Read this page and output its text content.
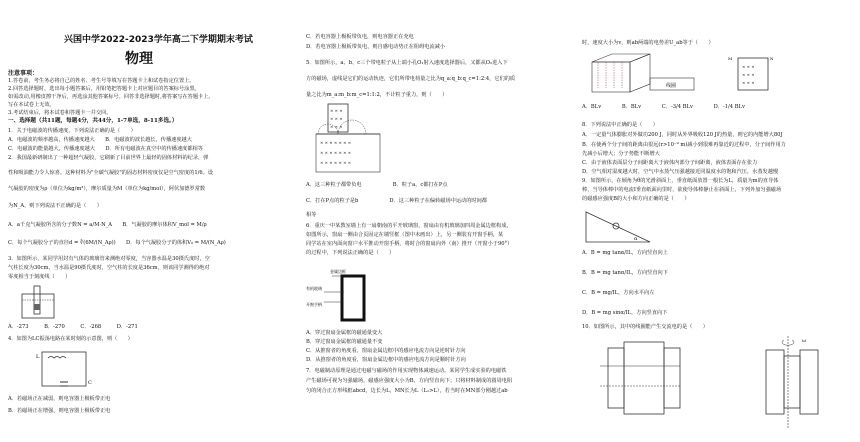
兴国中学2022-2023学年高二下学期期末考试
物理
注意事项：
1.答卷前，考生务必将自己的姓名、考生号等填写在答题卡上和试卷指定位置上。
2.回答选择题时，选出每小题答案后，用铅笔把答题卡上对应题目的答案标号涂黑。
如需改动,用橡皮擦干净后，再选涂其他答案标号。回答非选择题时,将答案写在答题卡上,
写在本试卷上无效。
3.考试结束后，将本试卷和答题卡一并交回。
一、选择题（共11题，每题4分，共44分，1-7单选，8-11多选。）
1．关于电磁波的传播速度，下列说法正确的是（　　）
A．电磁波的频率越高，传播速度越大　　B．电磁波的波长越长，传播速度越大
C．电磁波的能量越大，传播速度越大　　D．所有电磁波在真空中的传播速度都相等
2．我国最新研制出了一种超轻气凝胶，它刷新了目前世界上最轻的固体材料的纪录，弹
性和吸油能力令人惊喜。这种材料为"全碳气凝胶"的固态材料密度仅是空气密度的1/6。设
气凝胶的密度为ρ（单位为kg/m³），摩尔质量为M（单位为kg/mol），阿伏加德罗常数
为N_A，则下列说法不正确的是（　　）
A．a千克气凝胶所含的分子数N = a/M·N_A　　B．气凝胶的摩尔体积V_mol = M/ρ
C．每个气凝胶分子的直径d = ∛(6M/(N_Aρ))　　D．每个气凝胶分子的体积V₀ = M/(N_Aρ)
3．如图所示，某同学用封有气体的玻璃管来测绝对零度，当容器水温是30摄氏度时，空
气柱长度为30cm，当水温是90摄氏度时，空气柱的长度是36cm，则该同学测得的绝对
零度相当于刻度线（　　）
A．-273　　　B．-270　　　C．-268　　　D．-271
4．如图为LC振荡电路在某时刻的示意图，则（　　）
L
C
A．若磁场正在减弱，则电容器上极板带正电
B．若磁场正在增强，则电容器上极板带正电
C．若电容器上极板带负电，则电容器正在充电
D．若电容器上极板带负电，则自感电动势正在阻碍电流减小
5．如图所示，a、b、c三个带电粒子从上端小孔O₁射入速度选择器后，又都从O₂进入下
方的磁场，虚线是它们的运动轨迹，它们所带电荷量之比为q_a:q_b:q_c=1:2:4，它们的质
量之比为m_a:m_b:m_c=1:1:2，不计粒子重力，则（　　）
× × ×
× × ×
× × ×
× × × × × × ×
× × × × × × ×
× × × × × × ×
A．这三种粒子都带负电　　　　　　B．粒子a、c都打在P点
C．打在P点的粒子是b　　　　　　D．这三种粒子在偏转磁场中运动的时间都
相等
6．重庆一中某教室墙上有一扇朝南的平开玻璃窗，窗扇由有机玻璃加四周金属边框构成，
如图所示，窗扇一侧由合页固定在墙竖框（图中未画出）上，另一侧装有开窗手柄，某
同学站在室内面向窗户水平推动开窗手柄，将时合的窗扇向外（南）推开（开窗小于90°）
的过程中，下列说法正确的是（　　）
金属边框
有机玻璃
开窗手柄
A．穿过窗扇金属框的磁通量变大
B．穿过窗扇金属框的磁通量不变
C．从推窗者的角度看，窗扇金属边框中的感应电流方向是逆时针方向
D．从推窗者的角度看，窗扇金属边框中的感应电流方向是顺时针方向
7．电磁制动原理是通过电磁与磁场的作用实现物体减速运动。某同学生成实验的电磁铁
产生磁场可视为匀强磁场，磁感应强度大小为B，方向竖直向下；只将材料制成的圆周电阻
匀的闭合正方形线框abcd，边长为L，MN长为L（L₁>L），若当时在MN部分刚越过ab
时，速度大小为v，则ab两端的电势差U_ab等于（　　）
线圈
× × ×
× × ×
× × ×
M	N
A．BLv　　　　B．BLv　　　　C．-3/4 BLv　　　　D．-1/4 BLv
8．下列说法中正确的是（　　）
A．一定量气体膨胀对外做功200 J，同时从外界吸收120 J的热量，则它的内能增大80J
B．在使两个分子间的距离由很远(r>10⁻⁹ m)减小到很难再靠近的过程中，分子间作用力
先减小后增大；分子势能不断增大
C．由于液体表面层分子间距离大于液体内部分子间距离，液体表面存在张力
D．空气相对湿度越大时，空气中水蒸气压强越接近同温度水的饱和汽压，水蒸发越慢
9．如图所示，在倾角为θ的光滑斜面上，垂直纸面放置一根长为L，质量为m的直导体
棒，当导体棒中的电流I垂直纸面向里时，欲使导体棒静止在斜面上，下列外加匀强磁场
的磁感应强度B的大小和方向正确的是（　　）
α
A．B = mg tanα/IL，方向竖直向上
B．B = mg tanα/IL，方向竖直向下
C．B = mg/IL，方向水平向左
D．B = mg sinα/IL，方向竖直向下
10．如图所示，其中的线圈能产生交流电的是（　　）
ω
